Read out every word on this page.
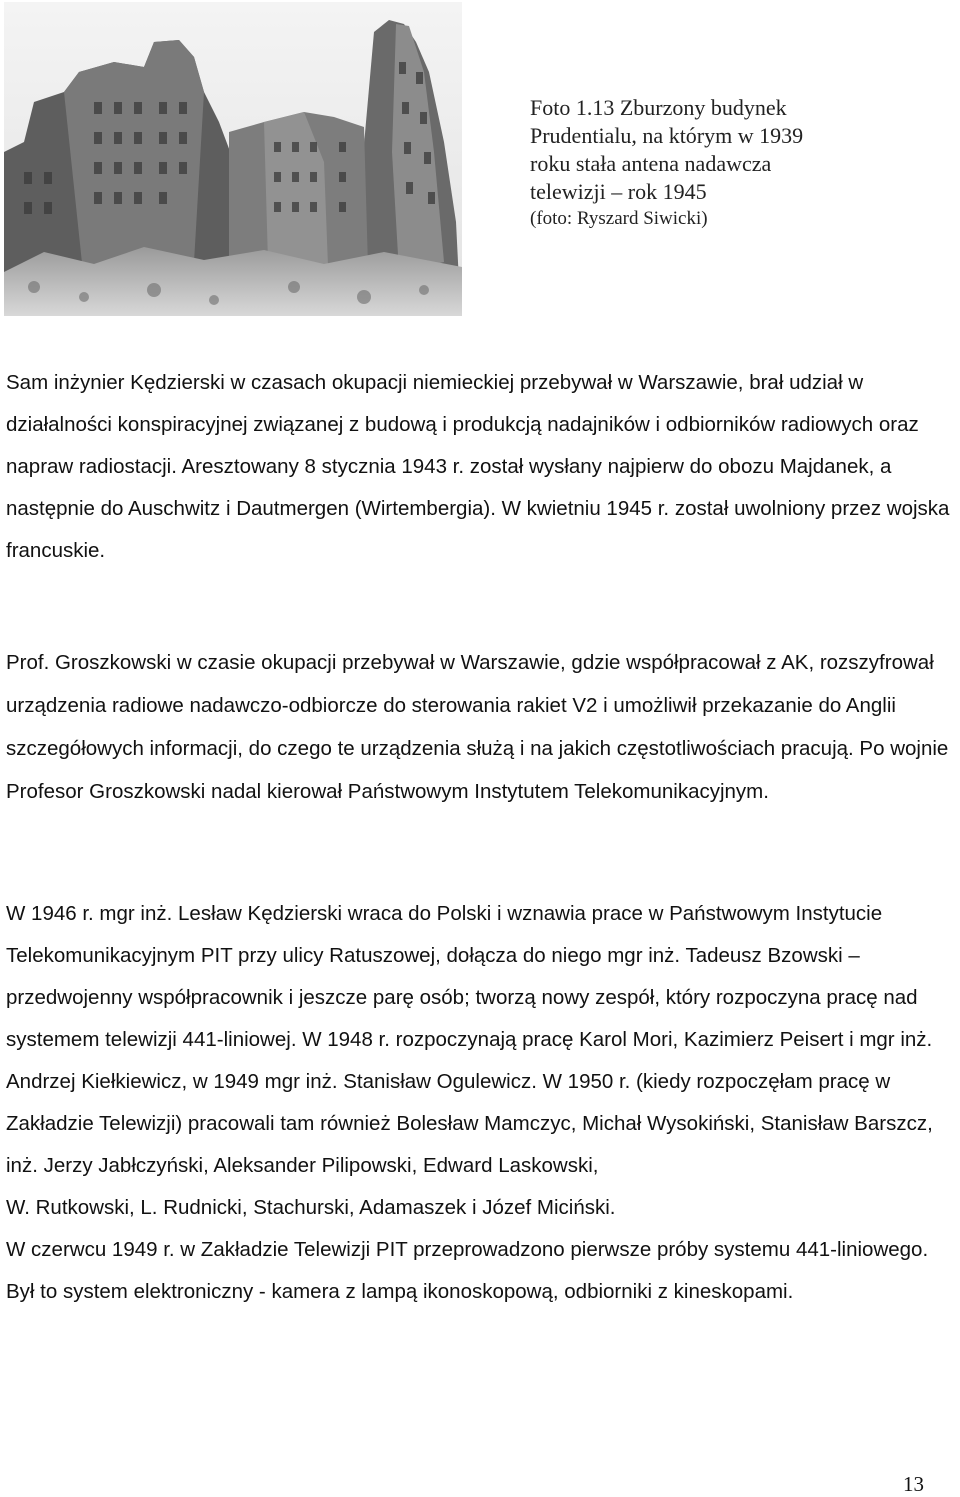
Foto 1.13 Zburzony budynek
Prudentialu, na którym w 1939
roku stała antena nadawcza
telewizji – rok 1945
(foto: Ryszard Siwicki)

Sam inżynier Kędzierski w czasach okupacji niemieckiej przebywał w Warszawie, brał udział w działalności konspiracyjnej związanej z budową i produkcją nadajników i odbiorników radiowych oraz napraw radiostacji. Aresztowany 8 stycznia 1943 r. został wysłany najpierw do obozu Majdanek, a następnie do Auschwitz i Dautmergen (Wirtembergia). W kwietniu 1945 r. został uwolniony przez wojska francuskie.

Prof. Groszkowski w czasie okupacji przebywał w Warszawie, gdzie współpracował z AK, rozszyfrował urządzenia radiowe nadawczo-odbiorcze do sterowania rakiet V2 i umożliwił przekazanie do Anglii szczegółowych informacji, do czego te urządzenia służą i na jakich częstotliwościach pracują. Po wojnie Profesor Groszkowski nadal kierował Państwowym Instytutem Telekomunikacyjnym.

W 1946 r. mgr inż. Lesław Kędzierski wraca do Polski i wznawia prace w Państwowym Instytucie Telekomunikacyjnym PIT przy ulicy Ratuszowej, dołącza do niego mgr inż. Tadeusz Bzowski – przedwojenny współpracownik i jeszcze parę osób; tworzą nowy zespół, który rozpoczyna pracę nad systemem telewizji 441-liniowej. W 1948 r. rozpoczynają pracę Karol Mori, Kazimierz Peisert i mgr inż. Andrzej Kiełkiewicz, w 1949 mgr inż. Stanisław Ogulewicz. W 1950 r. (kiedy rozpoczęłam pracę w Zakładzie Telewizji) pracowali tam również Bolesław Mamczyc, Michał Wysokiński, Stanisław Barszcz, inż. Jerzy Jabłczyński, Aleksander Pilipowski, Edward Laskowski,

W. Rutkowski, L. Rudnicki, Stachurski, Adamaszek i Józef Miciński.

W czerwcu 1949 r. w Zakładzie Telewizji PIT przeprowadzono pierwsze próby systemu 441-liniowego. Był to system elektroniczny - kamera z lampą ikonoskopową, odbiorniki z kineskopami.

13
